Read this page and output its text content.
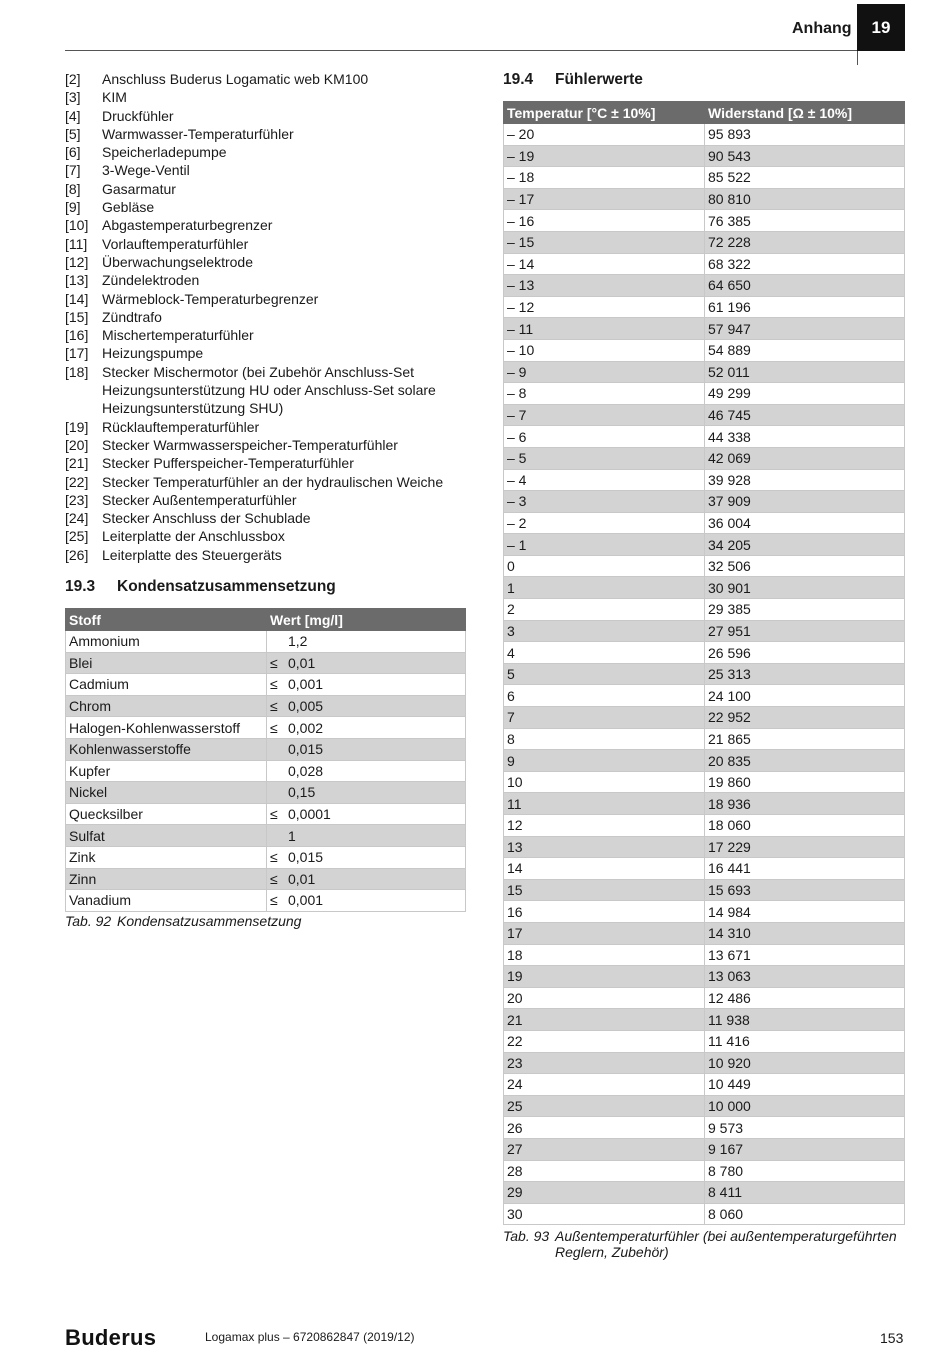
Anhang	19
[2]	Anschluss Buderus Logamatic web KM100
[3]	KIM
[4]	Druckfühler
[5]	Warmwasser-Temperaturfühler
[6]	Speicherladepumpe
[7]	3-Wege-Ventil
[8]	Gasarmatur
[9]	Gebläse
[10] Abgastemperaturbegrenzer
[11]	Vorlauftemperaturfühler
[12] Überwachungselektrode
[13] Zündelektroden
[14] Wärmeblock-Temperaturbegrenzer
[15] Zündtrafo
[16] Mischertemperaturfühler
[17] Heizungspumpe
[18] Stecker Mischermotor (bei Zubehör Anschluss-Set Heizungsunterstützung HU oder Anschluss-Set solare Heizungsunterstützung SHU)
[19] Rücklauftemperaturfühler
[20] Stecker Warmwasserspeicher-Temperaturfühler
[21] Stecker Pufferspeicher-Temperaturfühler
[22] Stecker Temperaturfühler an der hydraulischen Weiche
[23] Stecker Außentemperaturfühler
[24] Stecker Anschluss der Schublade
[25] Leiterplatte der Anschlussbox
[26] Leiterplatte des Steuergeräts
19.3 Kondensatzusammensetzung
Stoff	Wert [mg/l]
Ammonium	1,2
Blei	≤ 0,01
Cadmium	≤ 0,001
Chrom	≤ 0,005
Halogen-Kohlenwasserstoff	≤ 0,002
Kohlenwasserstoffe	0,015
Kupfer	0,028
Nickel	0,15
Quecksilber	≤ 0,0001
Sulfat	1
Zink	≤ 0,015
Zinn	≤ 0,01
Vanadium	≤ 0,001
Tab. 92 Kondensatzusammensetzung
19.4 Fühlerwerte
Temperatur [°C ± 10%]	Widerstand [Ω ± 10%]
– 20	95 893
– 19	90 543
– 18	85 522
– 17	80 810
– 16	76 385
– 15	72 228
– 14	68 322
– 13	64 650
– 12	61 196
– 11	57 947
– 10	54 889
– 9	52 011
– 8	49 299
– 7	46 745
– 6	44 338
– 5	42 069
– 4	39 928
– 3	37 909
– 2	36 004
– 1	34 205
0	32 506
1	30 901
2	29 385
3	27 951
4	26 596
5	25 313
6	24 100
7	22 952
8	21 865
9	20 835
10	19 860
11	18 936
12	18 060
13	17 229
14	16 441
15	15 693
16	14 984
17	14 310
18	13 671
19	13 063
20	12 486
21	11 938
22	11 416
23	10 920
24	10 449
25	10 000
26	9 573
27	9 167
28	8 780
29	8 411
30	8 060
Tab. 93 Außentemperaturfühler (bei außentemperaturgeführten Reglern, Zubehör)
Buderus	Logamax plus – 6720862847 (2019/12)	153
